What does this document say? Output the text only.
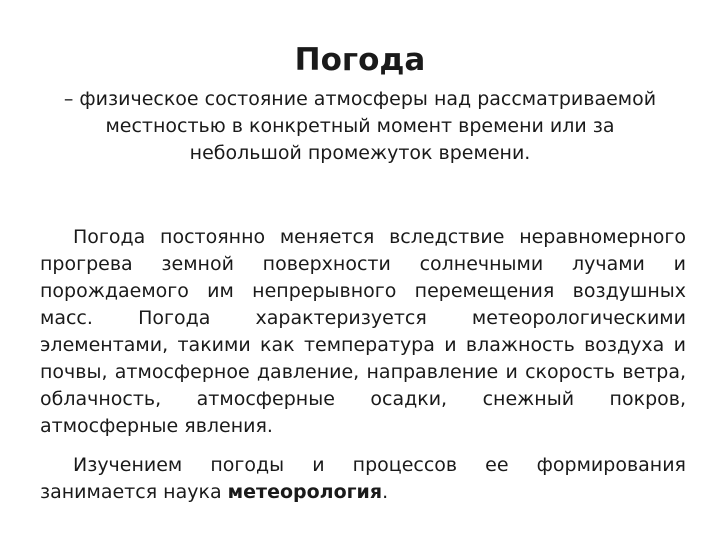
Погода

– физическое состояние атмосферы над рассматриваемой местностью в конкретный момент времени или за небольшой промежуток времени.

Погода постоянно меняется вследствие неравномерного прогрева земной поверхности солнечными лучами и порождаемого им непрерывного перемещения воздушных масс. Погода характеризуется метеорологическими элементами, такими как температура и влажность воздуха и почвы, атмосферное давление, направление и скорость ветра, облачность, атмосферные осадки, снежный покров, атмосферные явления.

Изучением погоды и процессов ее формирования занимается наука метеорология.
